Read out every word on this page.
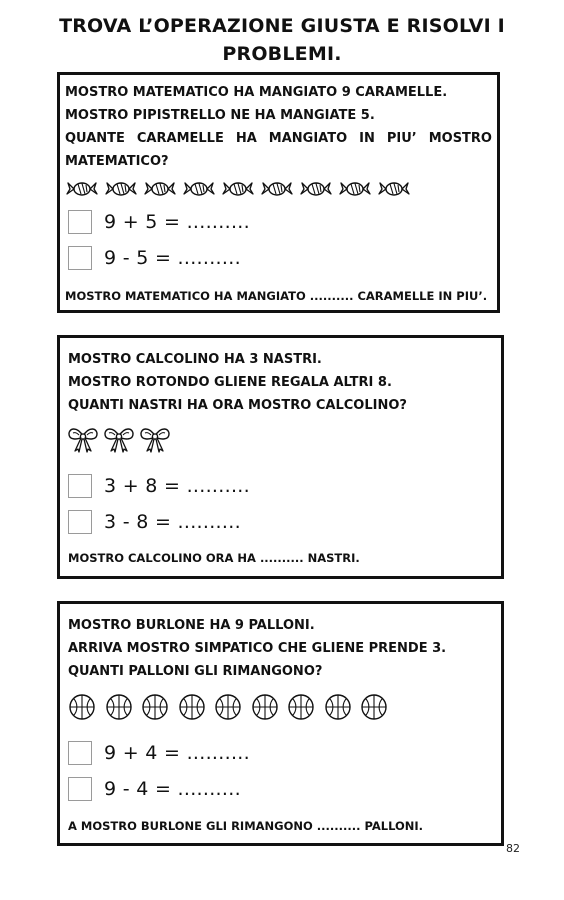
TROVA L’OPERAZIONE GIUSTA E RISOLVI I
PROBLEMI.
MOSTRO MATEMATICO HA MANGIATO 9 CARAMELLE.
MOSTRO PIPISTRELLO NE HA MANGIATE 5.
QUANTE CARAMELLE HA MANGIATO IN PIU’ MOSTRO
MATEMATICO?
9 + 5 = ..........
9 - 5 = ..........
MOSTRO MATEMATICO HA MANGIATO .......... CARAMELLE IN PIU’.
MOSTRO CALCOLINO HA 3 NASTRI.
MOSTRO ROTONDO GLIENE REGALA ALTRI 8.
QUANTI NASTRI HA ORA MOSTRO CALCOLINO?
3 + 8 = ..........
3 - 8 = ..........
MOSTRO CALCOLINO ORA HA .......... NASTRI.
MOSTRO BURLONE HA 9 PALLONI.
ARRIVA MOSTRO SIMPATICO CHE GLIENE PRENDE 3.
QUANTI PALLONI GLI RIMANGONO?
9 + 4 = ..........
9 - 4 = ..........
A MOSTRO BURLONE GLI RIMANGONO .......... PALLONI.
82
